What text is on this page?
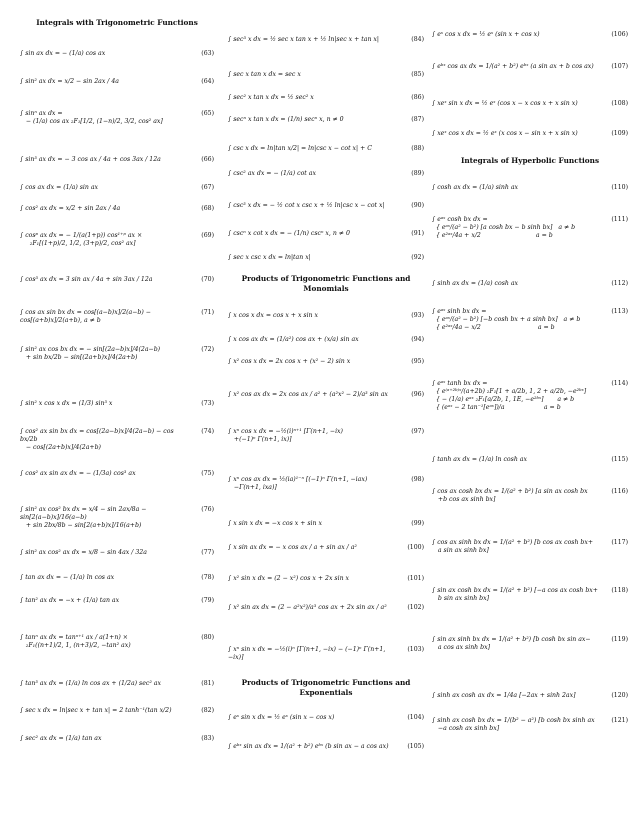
Integrals with Trigonometric Functions
∫ sin ax dx = − (1/a) cos ax	(63)
∫ sin² ax dx = x/2 − sin 2ax / 4a	(64)
∫ sinⁿ ax dx =
− (1/a) cos ax ₂F₁[1/2, (1−n)/2, 3/2, cos² ax]
(65)
∫ sin³ ax dx = − 3 cos ax / 4a + cos 3ax / 12a	(66)
∫ cos ax dx = (1/a) sin ax	(67)
∫ cos² ax dx = x/2 + sin 2ax / 4a	(68)
∫ cosᵖ ax dx = − 1/(a(1+p)) cos¹⁺ᵖ ax ×
₂F₁[(1+p)/2, 1/2, (3+p)/2, cos² ax]
(69)
∫ cos³ ax dx = 3 sin ax / 4a + sin 3ax / 12a	(70)
∫ cos ax sin bx dx = cos[(a−b)x]/2(a−b) − cos[(a+b)x]/2(a+b), a ≠ b
(71)
∫ sin² ax cos bx dx = − sin[(2a−b)x]/4(2a−b)
+ sin bx/2b − sin[(2a+b)x]/4(2a+b)
(72)
∫ sin² x cos x dx = (1/3) sin³ x	(73)
∫ cos² ax sin bx dx = cos[(2a−b)x]/4(2a−b) − cos bx/2b
− cos[(2a+b)x]/4(2a+b)
(74)
∫ cos² ax sin ax dx = − (1/3a) cos³ ax	(75)
∫ sin² ax cos² bx dx = x/4 − sin 2ax/8a − sin[2(a−b)x]/16(a−b)
+ sin 2bx/8b − sin[2(a+b)x]/16(a+b)
(76)
∫ sin² ax cos² ax dx = x/8 − sin 4ax / 32a	(77)
∫ tan ax dx = − (1/a) ln cos ax	(78)
∫ tan² ax dx = −x + (1/a) tan ax	(79)
∫ tanⁿ ax dx = tanⁿ⁺¹ ax / a(1+n) ×
₂F₁((n+1)/2, 1, (n+3)/2, −tan² ax)
(80)
∫ tan³ ax dx = (1/a) ln cos ax + (1/2a) sec² ax	(81)
∫ sec x dx = ln|sec x + tan x| = 2 tanh⁻¹(tan x/2)	(82)
∫ sec² ax dx = (1/a) tan ax	(83)
Products of Trigonometric Functions and Monomials
Products of Trigonometric Functions and Exponentials
∫ sec³ x dx = ½ sec x tan x + ½ ln|sec x + tan x|	(84)
∫ sec x tan x dx = sec x	(85)
∫ sec² x tan x dx = ½ sec² x	(86)
∫ secⁿ x tan x dx = (1/n) secⁿ x, n ≠ 0	(87)
∫ csc x dx = ln|tan x/2| = ln|csc x − cot x| + C	(88)
∫ csc² ax dx = − (1/a) cot ax	(89)
∫ csc³ x dx = − ½ cot x csc x + ½ ln|csc x − cot x|	(90)
∫ cscⁿ x cot x dx = − (1/n) cscⁿ x, n ≠ 0	(91)
∫ sec x csc x dx = ln|tan x|	(92)
∫ x cos x dx = cos x + x sin x	(93)
∫ x cos ax dx = (1/a²) cos ax + (x/a) sin ax	(94)
∫ x² cos x dx = 2x cos x + (x² − 2) sin x	(95)
∫ x² cos ax dx = 2x cos ax / a² + (a²x² − 2)/a³ sin ax	(96)
∫ xⁿ cos x dx = −½(i)ⁿ⁺¹ [Γ(n+1, −ix)
+(−1)ⁿ Γ(n+1, ix)]
(97)
∫ xⁿ cos ax dx = ½(ia)¹⁻ⁿ [(−1)ⁿ Γ(n+1, −iax)
−Γ(n+1, ixa)]
(98)
∫ x sin x dx = −x cos x + sin x	(99)
∫ x sin ax dx = − x cos ax / a + sin ax / a²	(100)
∫ x² sin x dx = (2 − x²) cos x + 2x sin x	(101)
∫ x² sin ax dx = (2 − a²x²)/a³ cos ax + 2x sin ax / a²	(102)
∫ xⁿ sin x dx = −½(i)ⁿ [Γ(n+1, −ix) − (−1)ⁿ Γ(n+1, −ix)]
(103)
∫ eˣ sin x dx = ½ eˣ (sin x − cos x)	(104)
∫ eᵇˣ sin ax dx = 1/(a² + b²) eᵇˣ (b sin ax − a cos ax)	(105)
Integrals of Hyperbolic Functions
∫ eˣ cos x dx = ½ eˣ (sin x + cos x)	(106)
∫ eᵇˣ cos ax dx = 1/(a² + b²) eᵇˣ (a sin ax + b cos ax)	(107)
∫ xeˣ sin x dx = ½ eˣ (cos x − x cos x + x sin x)	(108)
∫ xeˣ cos x dx = ½ eˣ (x cos x − sin x + x sin x)	(109)
∫ cosh ax dx = (1/a) sinh ax	(110)
∫ eᵃˣ cosh bx dx =
{ eᵃˣ/(a² − b²) [a cosh bx − b sinh bx]   a ≠ b
{ e²ᵃˣ/4a + x/2                            a = b
(111)
∫ sinh ax dx = (1/a) cosh ax	(112)
∫ eᵃˣ sinh bx dx =
{ eᵃˣ/(a² − b²) [−b cosh bx + a sinh bx]   a ≠ b
{ e²ᵃˣ/4a − x/2                             a = b
(113)
∫ eᵃˣ tanh bx dx =
{ e⁽ᵃ⁺²ᵇ⁾ˣ/(a+2b) ₂F₁[1 + a/2b, 1, 2 + a/2b, −e²ᵇˣ]
{ − (1/a) eᵃˣ ₂F₁[a/2b, 1, 1E, −e²ᵇˣ]       a ≠ b
{ (eᵃˣ − 2 tan⁻¹[eᵃˣ])/a                    a = b
(114)
∫ tanh ax dx = (1/a) ln cosh ax	(115)
∫ cos ax cosh bx dx = 1/(a² + b²) [a sin ax cosh bx
+b cos ax sinh bx]
(116)
∫ cos ax sinh bx dx = 1/(a² + b²) [b cos ax cosh bx+
a sin ax sinh bx]
(117)
∫ sin ax cosh bx dx = 1/(a² + b²) [−a cos ax cosh bx+
b sin ax sinh bx]
(118)
∫ sin ax sinh bx dx = 1/(a² + b²) [b cosh bx sin ax−
a cos ax sinh bx]
(119)
∫ sinh ax cosh ax dx = 1/4a [−2ax + sinh 2ax]	(120)
∫ sinh ax cosh bx dx = 1/(b² − a²) [b cosh bx sinh ax
−a cosh ax sinh bx]
(121)
